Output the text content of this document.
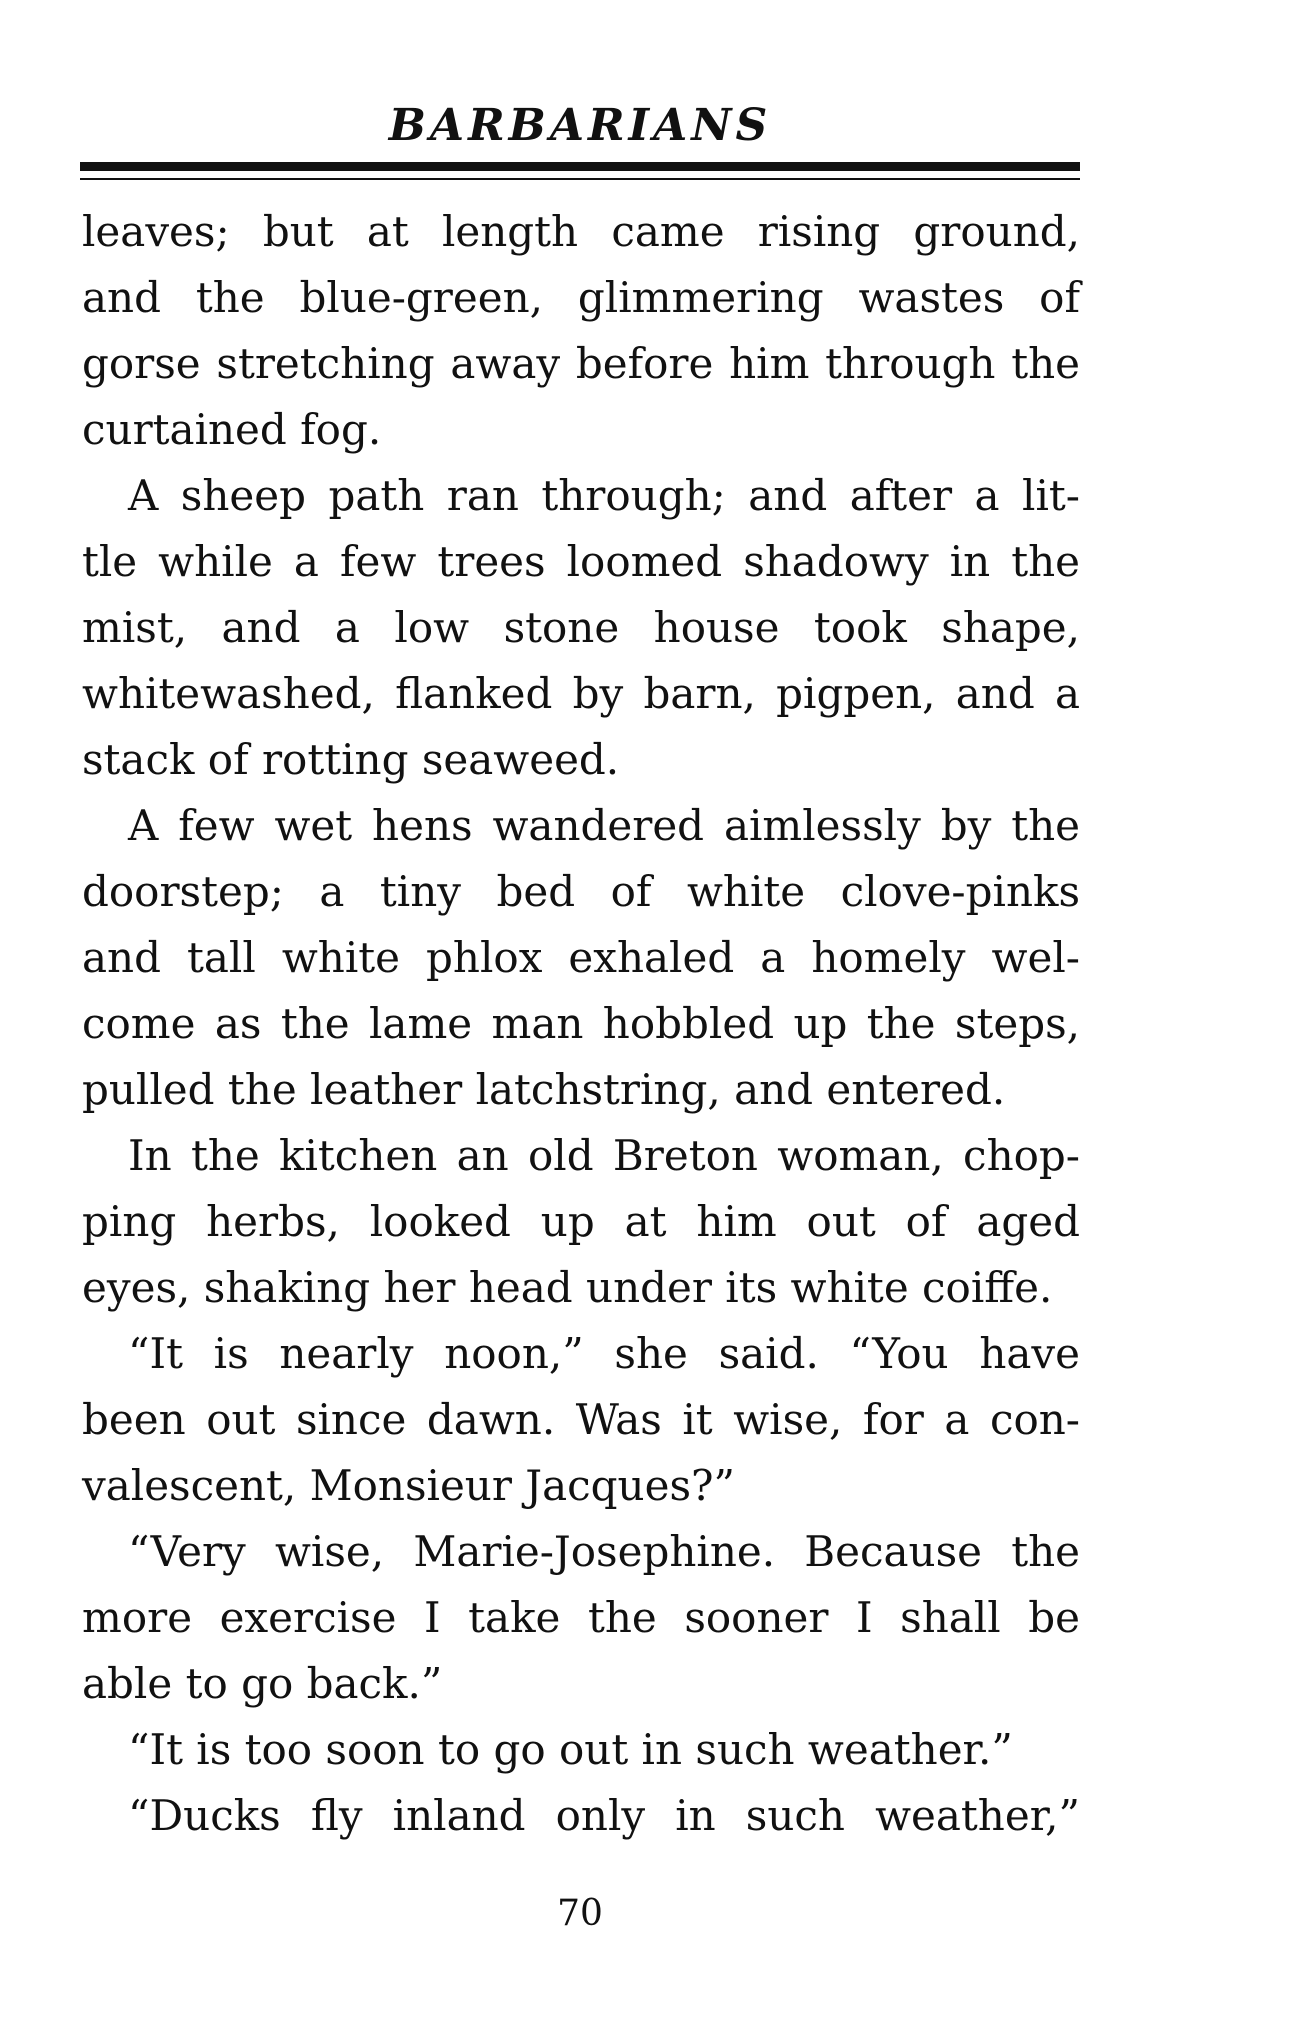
BARBARIANS
leaves; but at length came rising ground,
and the blue-green, glimmering wastes of
gorse stretching away before him through the
curtained fog.
A sheep path ran through; and after a lit-
tle while a few trees loomed shadowy in the
mist, and a low stone house took shape,
whitewashed, flanked by barn, pigpen, and a
stack of rotting seaweed.
A few wet hens wandered aimlessly by the
doorstep; a tiny bed of white clove-pinks
and tall white phlox exhaled a homely wel-
come as the lame man hobbled up the steps,
pulled the leather latchstring, and entered.
In the kitchen an old Breton woman, chop-
ping herbs, looked up at him out of aged
eyes, shaking her head under its white coiffe.
“It is nearly noon,” she said. “You have
been out since dawn. Was it wise, for a con-
valescent, Monsieur Jacques?”
“Very wise, Marie-Josephine. Because the
more exercise I take the sooner I shall be
able to go back.”
“It is too soon to go out in such weather.”
“Ducks fly inland only in such weather,”
70
